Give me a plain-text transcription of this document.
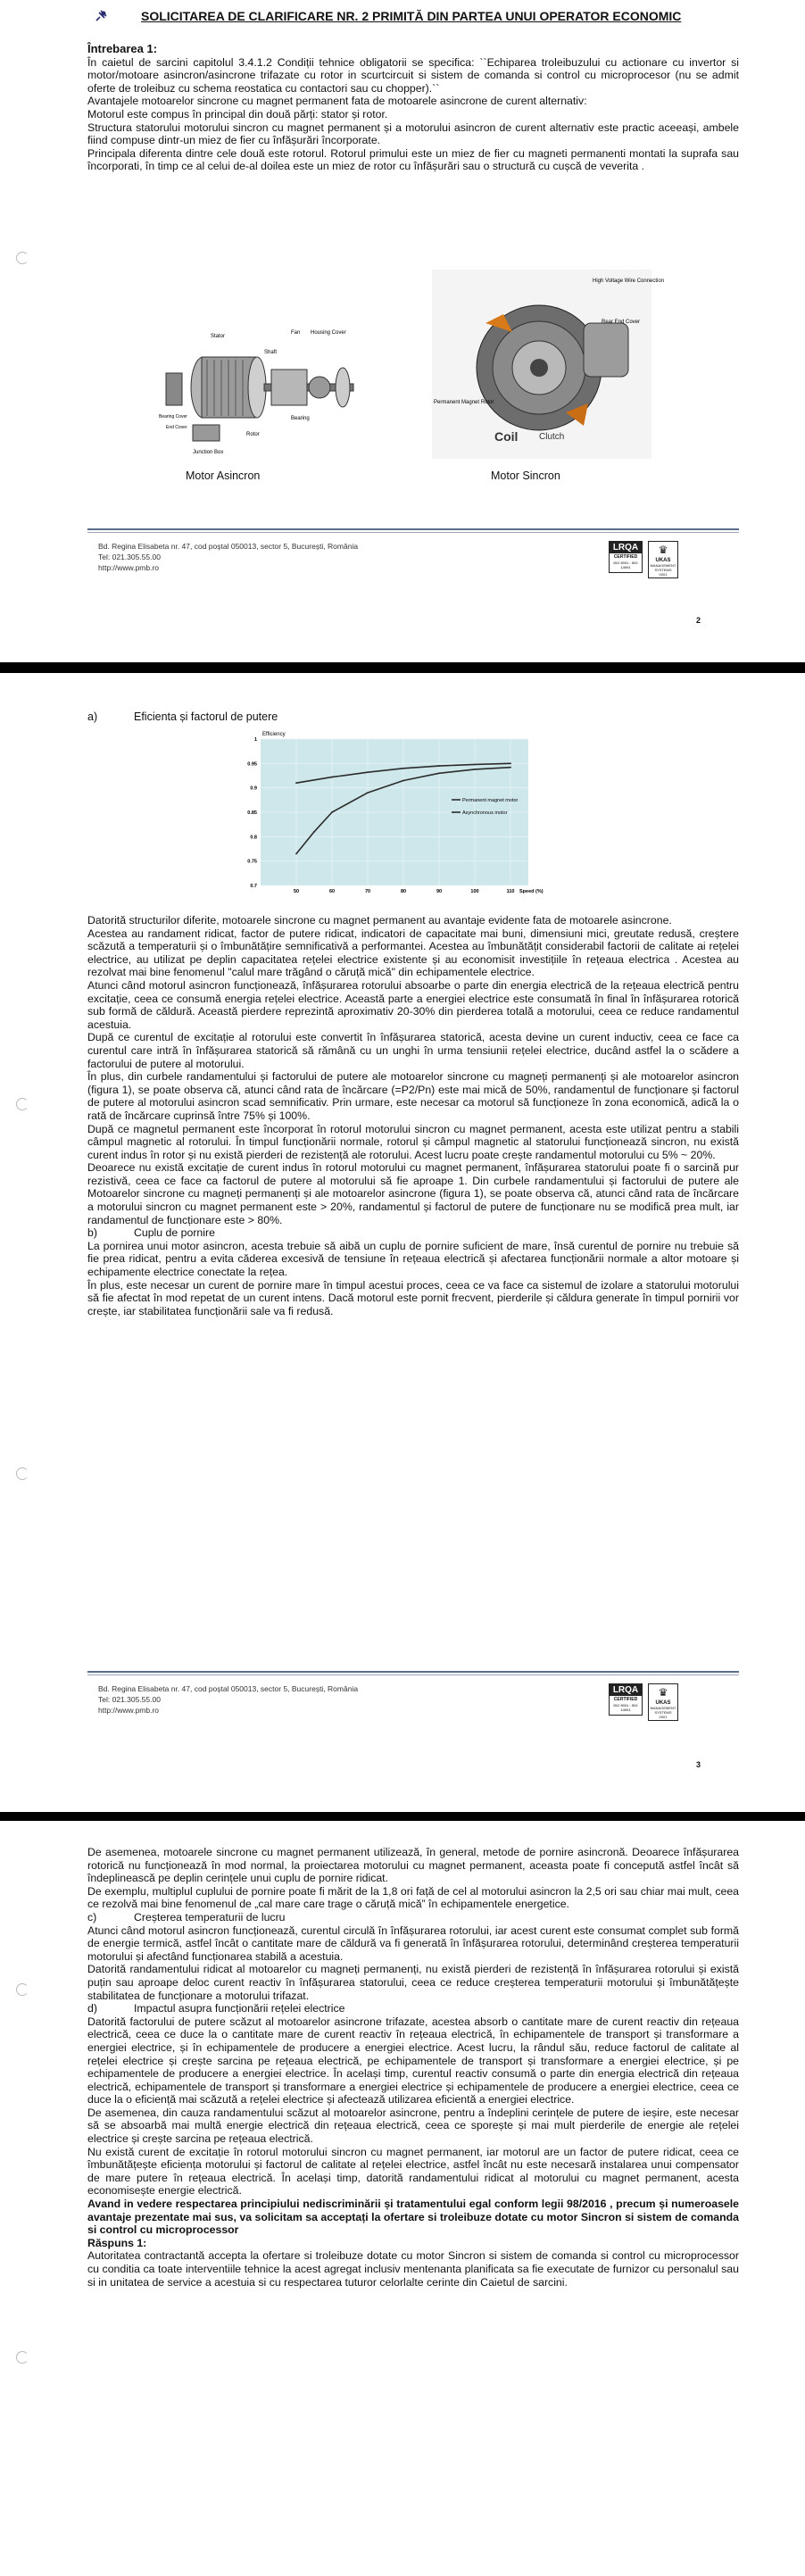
SOLICITAREA DE CLARIFICARE NR. 2 PRIMITĂ DIN PARTEA UNUI OPERATOR ECONOMIC

Întrebarea 1:

În caietul de sarcini capitolul 3.4.1.2 Condiții tehnice obligatorii se specifica: ``Echiparea troleibuzului cu actionare cu invertor si motor/motoare asincron/asincrone trifazate cu rotor in scurtcircuit si sistem de comanda si control cu microprocesor (nu se admit oferte de troleibuz cu schema reostatica cu contactori sau cu chopper).``

Avantajele motoarelor sincrone cu magnet permanent fata de motoarele asincrone de curent alternativ:

Motorul este compus în principal din două părți: stator și rotor.

Structura statorului motorului sincron cu magnet permanent și a motorului asincron de curent alternativ este practic aceeași, ambele fiind compuse dintr-un miez de fier cu înfășurări încorporate.

Principala diferenta dintre cele două este rotorul. Rotorul primului este un miez de fier cu magneti permanenti montati la suprafa sau încorporati, în timp ce al celui de-al doilea este un miez de rotor cu înfășurări sau o structură cu cușcă de veverita .

Stator
Fan Housing Cover
Shaft
Bearing
Bearing Cover
End Cover
Junction Box
Rotor
High Voltage Wire Connection
Rear End Cover
Permanent Magnet Rotor
Coil Clutch
Motor Asincron	Motor Sincron
Bd. Regina Elisabeta nr. 47, cod poștal 050013, sector 5, București, România
Tel: 021.305.55.00
http://www.pmb.ro
LRQA
CERTIFIED
ISO 9001 : ISO 14001
♛
UKAS
MANAGEMENT SYSTEMS
0001
2
a)	Eficienta și factorul de putere
1
0.95
0.9
0.85
0.8
0.75
0.7
50	60	70	80	90	100	110 Speed (%)
Permanent magnet motor
Asynchronous motor
Efficiency

Datorită structurilor diferite, motoarele sincrone cu magnet permanent au avantaje evidente fata de motoarele asincrone.

Acestea au randament ridicat, factor de putere ridicat, indicatori de capacitate mai buni, dimensiuni mici, greutate redusă, creștere scăzută a temperaturii și o îmbunătățire semnificativă a performantei. Acestea au îmbunătățit considerabil factorii de calitate ai rețelei electrice, au utilizat pe deplin capacitatea rețelei electrice existente și au economisit investițiile în rețeaua electrica . Acestea au rezolvat mai bine fenomenul "calul mare trăgând o căruță mică" din echipamentele electrice.

Atunci când motorul asincron funcționează, înfășurarea rotorului absoarbe o parte din energia electrică de la rețeaua electrică pentru excitație, ceea ce consumă energia rețelei electrice. Această parte a energiei electrice este consumată în final în înfășurarea rotorică sub formă de căldură. Această pierdere reprezintă aproximativ 20-30% din pierderea totală a motorului, ceea ce reduce randamentul acestuia.

După ce curentul de excitație al rotorului este convertit în înfășurarea statorică, acesta devine un curent inductiv, ceea ce face ca curentul care intră în înfășurarea statorică să rămână cu un unghi în urma tensiunii rețelei electrice, ducând astfel la o scădere a factorului de putere al motorului.

În plus, din curbele randamentului și factorului de putere ale motoarelor sincrone cu magneți permanenți și ale motoarelor asincron (figura 1), se poate observa că, atunci când rata de încărcare (=P2/Pn) este mai mică de 50%, randamentul de funcționare și factorul de putere al motorului asincron scad semnificativ. Prin urmare, este necesar ca motorul să funcționeze în zona economică, adică la o rată de încărcare cuprinsă între 75% și 100%.

După ce magnetul permanent este încorporat în rotorul motorului sincron cu magnet permanent, acesta este utilizat pentru a stabili câmpul magnetic al rotorului. În timpul funcționării normale, rotorul și câmpul magnetic al statorului funcționează sincron, nu există curent indus în rotor și nu există pierderi de rezistență ale rotorului. Acest lucru poate crește randamentul motorului cu 5% ~ 20%.

Deoarece nu există excitație de curent indus în rotorul motorului cu magnet permanent, înfășurarea statorului poate fi o sarcină pur rezistivă, ceea ce face ca factorul de putere al motorului să fie aproape 1. Din curbele randamentului și factorului de putere ale Motoarelor sincrone cu magneți permanenți și ale motoarelor asincrone (figura 1), se poate observa că, atunci când rata de încărcare a motorului sincron cu magnet permanent este > 20%, randamentul și factorul de putere de funcționare nu se modifică prea mult, iar randamentul de funcționare este > 80%.

b)	Cuplu de pornire

La pornirea unui motor asincron, acesta trebuie să aibă un cuplu de pornire suficient de mare, însă curentul de pornire nu trebuie să fie prea ridicat, pentru a evita căderea excesivă de tensiune în rețeaua electrică și afectarea funcționării normale a altor motoare și echipamente electrice conectate la rețea.

În plus, este necesar un curent de pornire mare în timpul acestui proces, ceea ce va face ca sistemul de izolare a statorului motorului să fie afectat în mod repetat de un curent intens. Dacă motorul este pornit frecvent, pierderile și căldura generate în timpul pornirii vor crește, iar stabilitatea funcționării sale va fi redusă.

Bd. Regina Elisabeta nr. 47, cod poștal 050013, sector 5, București, România
Tel: 021.305.55.00
http://www.pmb.ro
LRQA
CERTIFIED
ISO 9001 : ISO 14001
♛
UKAS
MANAGEMENT SYSTEMS
0001
3

De asemenea, motoarele sincrone cu magnet permanent utilizează, în general, metode de pornire asincronă. Deoarece înfășurarea rotorică nu funcționează în mod normal, la proiectarea motorului cu magnet permanent, aceasta poate fi concepută astfel încât să îndeplinească pe deplin cerințele unui cuplu de pornire ridicat.

De exemplu, multiplul cuplului de pornire poate fi mărit de la 1,8 ori față de cel al motorului asincron la 2,5 ori sau chiar mai mult, ceea ce rezolvă mai bine fenomenul de „cal mare care trage o căruță mică” în echipamentele energetice.

c)	Creșterea temperaturii de lucru

Atunci când motorul asincron funcționează, curentul circulă în înfășurarea rotorului, iar acest curent este consumat complet sub formă de energie termică, astfel încât o cantitate mare de căldură va fi generată în înfășurarea rotorului, determinând creșterea temperaturii motorului și afectând funcționarea stabilă a acestuia.

Datorită randamentului ridicat al motoarelor cu magneți permanenți, nu există pierderi de rezistență în înfășurarea rotorului și există puțin sau aproape deloc curent reactiv în înfășurarea statorului, ceea ce reduce creșterea temperaturii motorului și îmbunătățește stabilitatea de funcționare a motorului trifazat.

d)	Impactul asupra funcționării rețelei electrice

Datorită factorului de putere scăzut al motoarelor asincrone trifazate, acestea absorb o cantitate mare de curent reactiv din rețeaua electrică, ceea ce duce la o cantitate mare de curent reactiv în rețeaua electrică, în echipamentele de transport și transformare a energiei electrice, și în echipamentele de producere a energiei electrice. Acest lucru, la rândul său, reduce factorul de calitate al rețelei electrice și crește sarcina pe rețeaua electrică, pe echipamentele de transport și transformare a energiei electrice, și pe echipamentele de producere a energiei electrice. În același timp, curentul reactiv consumă o parte din energia electrică din rețeaua electrică, echipamentele de transport și transformare a energiei electrice și echipamentele de producere a energiei electrice, ceea ce duce la o eficiență mai scăzută a rețelei electrice și afectează utilizarea eficientă a energiei electrice.

De asemenea, din cauza randamentului scăzut al motoarelor asincrone, pentru a îndeplini cerințele de putere de ieșire, este necesar să se absoarbă mai multă energie electrică din rețeaua electrică, ceea ce sporește și mai mult pierderile de energie ale rețelei electrice și crește sarcina pe rețeaua electrică.

Nu există curent de excitație în rotorul motorului sincron cu magnet permanent, iar motorul are un factor de putere ridicat, ceea ce îmbunătățește eficiența motorului și factorul de calitate al rețelei electrice, astfel încât nu este necesară instalarea unui compensator de mare putere în rețeaua electrică. În același timp, datorită randamentului ridicat al motorului cu magnet permanent, acesta economisește energie electrică.

Avand in vedere respectarea principiului nediscriminării și tratamentului egal conform legii 98/2016 , precum și numeroasele avantaje prezentate mai sus, va solicitam sa acceptați la ofertare si troleibuze dotate cu motor Sincron si sistem de comanda si control cu microprocessor

Răspuns 1:

Autoritatea contractantă accepta la ofertare si troleibuze dotate cu motor Sincron si sistem de comanda si control cu microprocessor cu conditia ca toate interventiile tehnice la acest agregat inclusiv mentenanta planificata sa fie executate de furnizor cu personalul sau si in unitatea de service a acestuia si cu respectarea tuturor celorlalte cerinte din Caietul de sarcini.
